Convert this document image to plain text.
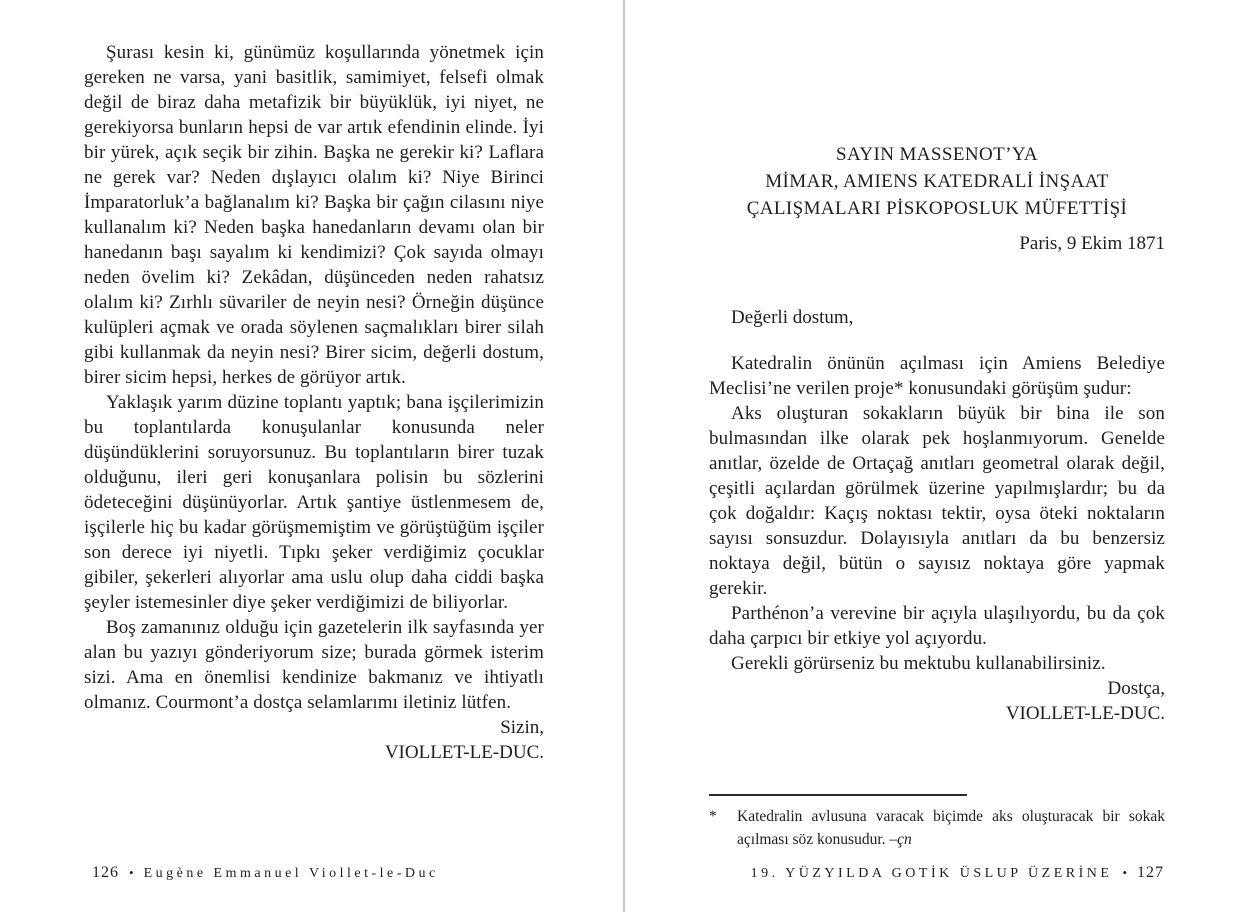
Şurası kesin ki, günümüz koşullarında yönetmek için gereken ne varsa, yani basitlik, samimiyet, felsefi olmak değil de biraz daha metafizik bir büyüklük, iyi niyet, ne gerekiyorsa bunların hepsi de var artık efendinin elinde. İyi bir yürek, açık seçik bir zihin. Başka ne gerekir ki? Laflara ne gerek var? Neden dışlayıcı olalım ki? Niye Birinci İmparatorluk’a bağlanalım ki? Başka bir çağın cilasını niye kullanalım ki? Neden başka hanedanların devamı olan bir hanedanın başı sayalım ki kendimizi? Çok sayıda olmayı neden övelim ki? Zekâdan, düşünceden neden rahatsız olalım ki? Zırhlı süvariler de neyin nesi? Örneğin düşünce kulüpleri açmak ve orada söylenen saçmalıkları birer silah gibi kullanmak da neyin nesi? Birer sicim, değerli dostum, birer sicim hepsi, herkes de görüyor artık.

Yaklaşık yarım düzine toplantı yaptık; bana işçilerimizin bu toplantılarda konuşulanlar konusunda neler düşündüklerini soruyorsunuz. Bu toplantıların birer tuzak olduğunu, ileri geri konuşanlara polisin bu sözlerini ödeteceğini düşünüyorlar. Artık şantiye üstlenmesem de, işçilerle hiç bu kadar görüşmemiştim ve görüştüğüm işçiler son derece iyi niyetli. Tıpkı şeker verdiğimiz çocuklar gibiler, şekerleri alıyorlar ama uslu olup daha ciddi başka şeyler istemesinler diye şeker verdiğimizi de biliyorlar.

Boş zamanınız olduğu için gazetelerin ilk sayfasında yer alan bu yazıyı gönderiyorum size; burada görmek isterim sizi. Ama en önemlisi kendinize bakmanız ve ihtiyatlı olmanız. Courmont’a dostça selamlarımı iletiniz lütfen.

Sizin,
VIOLLET-LE-DUC.
SAYIN MASSENOT’YA
MİMAR, AMIENS KATEDRALİ İNŞAAT
ÇALIŞMALARI PİSKOPOSLUK MÜFETTİŞİ
Paris, 9 Ekim 1871
Değerli dostum,

Katedralin önünün açılması için Amiens Belediye Meclisi’ne verilen proje* konusundaki görüşüm şudur:

Aks oluşturan sokakların büyük bir bina ile son bulmasından ilke olarak pek hoşlanmıyorum. Genelde anıtlar, özelde de Ortaçağ anıtları geometral olarak değil, çeşitli açılardan görülmek üzerine yapılmışlardır; bu da çok doğaldır: Kaçış noktası tektir, oysa öteki noktaların sayısı sonsuzdur. Dolayısıyla anıtları da bu benzersiz noktaya değil, bütün o sayısız noktaya göre yapmak gerekir.

Parthénon’a verevine bir açıyla ulaşılıyordu, bu da çok daha çarpıcı bir etkiye yol açıyordu.

Gerekli görürseniz bu mektubu kullanabilirsiniz.

Dostça,
VIOLLET-LE-DUC.
*	Katedralin avlusuna varacak biçimde aks oluşturacak bir sokak açılması söz konusudur. –çn
126 • Eugène Emmanuel Viollet-le-Duc	19. YÜZYILDA GOTİK ÜSLUP ÜZERİNE • 127
